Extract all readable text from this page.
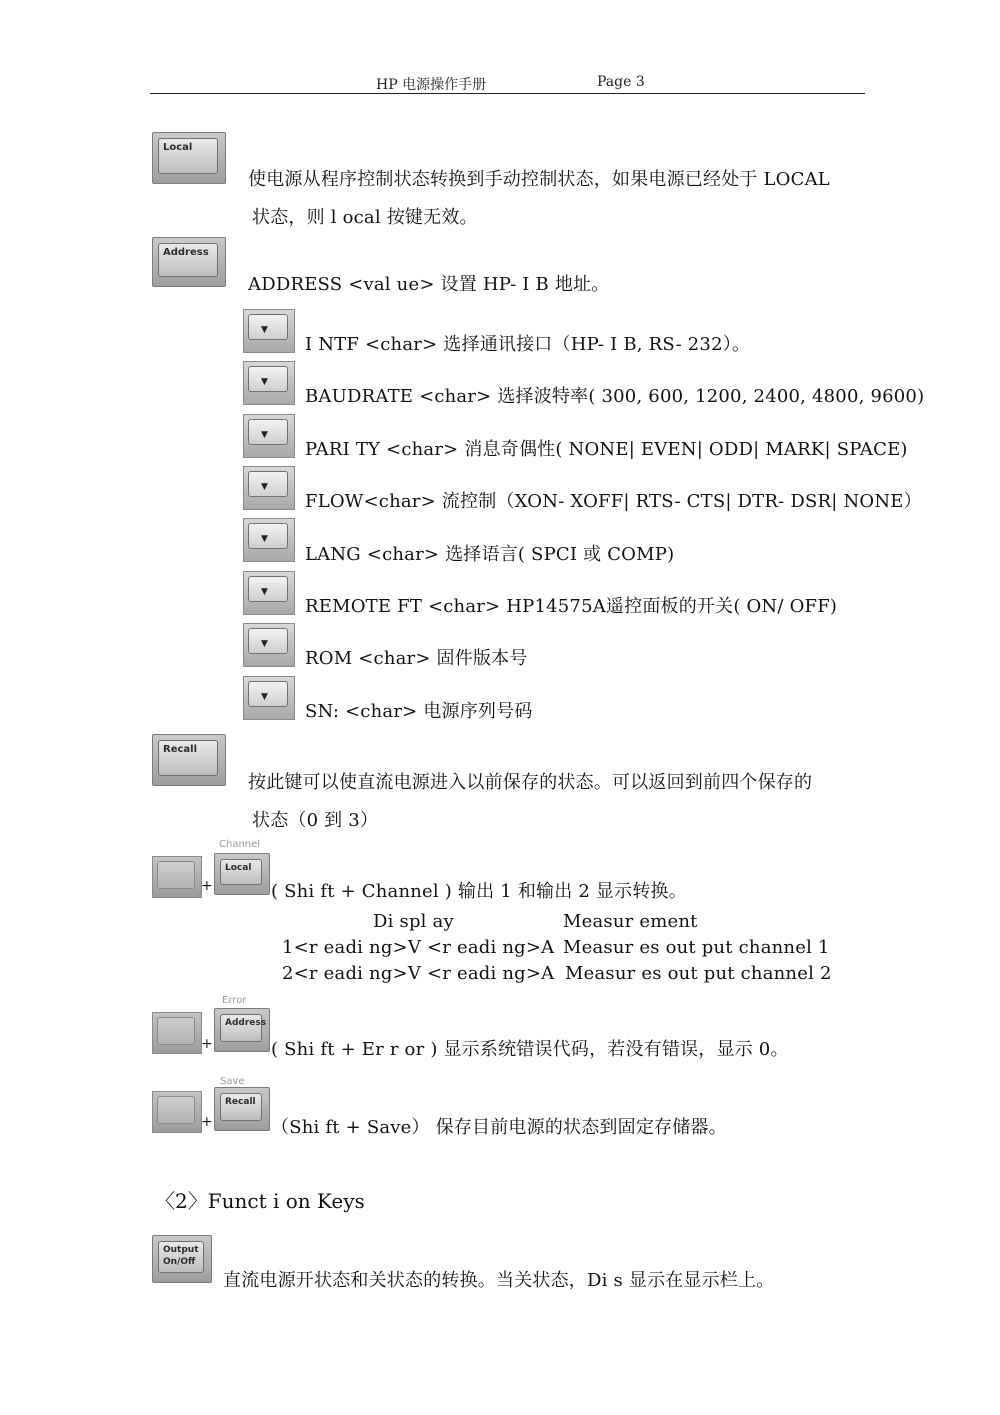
HP 电源操作手册	Page 3
Local
使电源从程序控制状态转换到手动控制状态，如果电源已经处于 LOCAL
状态，则 l ocal 按键无效。
Address
ADDRESS <val ue> 设置 HP- I B 地址。
▼
I NTF <char> 选择通讯接口（HP- I B, RS- 232）。
▼
BAUDRATE <char> 选择波特率( 300, 600, 1200, 2400, 4800, 9600)
▼
PARI TY <char> 消息奇偶性( NONE| EVEN| ODD| MARK| SPACE)
▼
FLOW<char> 流控制（XON- XOFF| RTS- CTS| DTR- DSR| NONE）
▼
LANG <char> 选择语言( SPCI 或 COMP)
▼
REMOTE FT <char> HP14575A遥控面板的开关( ON/ OFF)
▼
ROM <char> 固件版本号
▼
SN: <char> 电源序列号码
Recall
按此键可以使直流电源进入以前保存的状态。可以返回到前四个保存的
状态（0 到 3）
+
Channel
Local
( Shi ft + Channel ) 输出 1 和输出 2 显示转换。
Di spl ay	Measur ement
1<r eadi ng>V <r eadi ng>A Measur es out put channel 1
2<r eadi ng>V <r eadi ng>A Measur es out put channel 2
+
Error
Address
( Shi ft + Er r or ) 显示系统错误代码，若没有错误，显示 0。
+
Save
Recall
（Shi ft + Save） 保存目前电源的状态到固定存储器。
〈2〉Funct i on Keys
Output
On/Off
直流电源开状态和关状态的转换。当关状态，Di s 显示在显示栏上。
